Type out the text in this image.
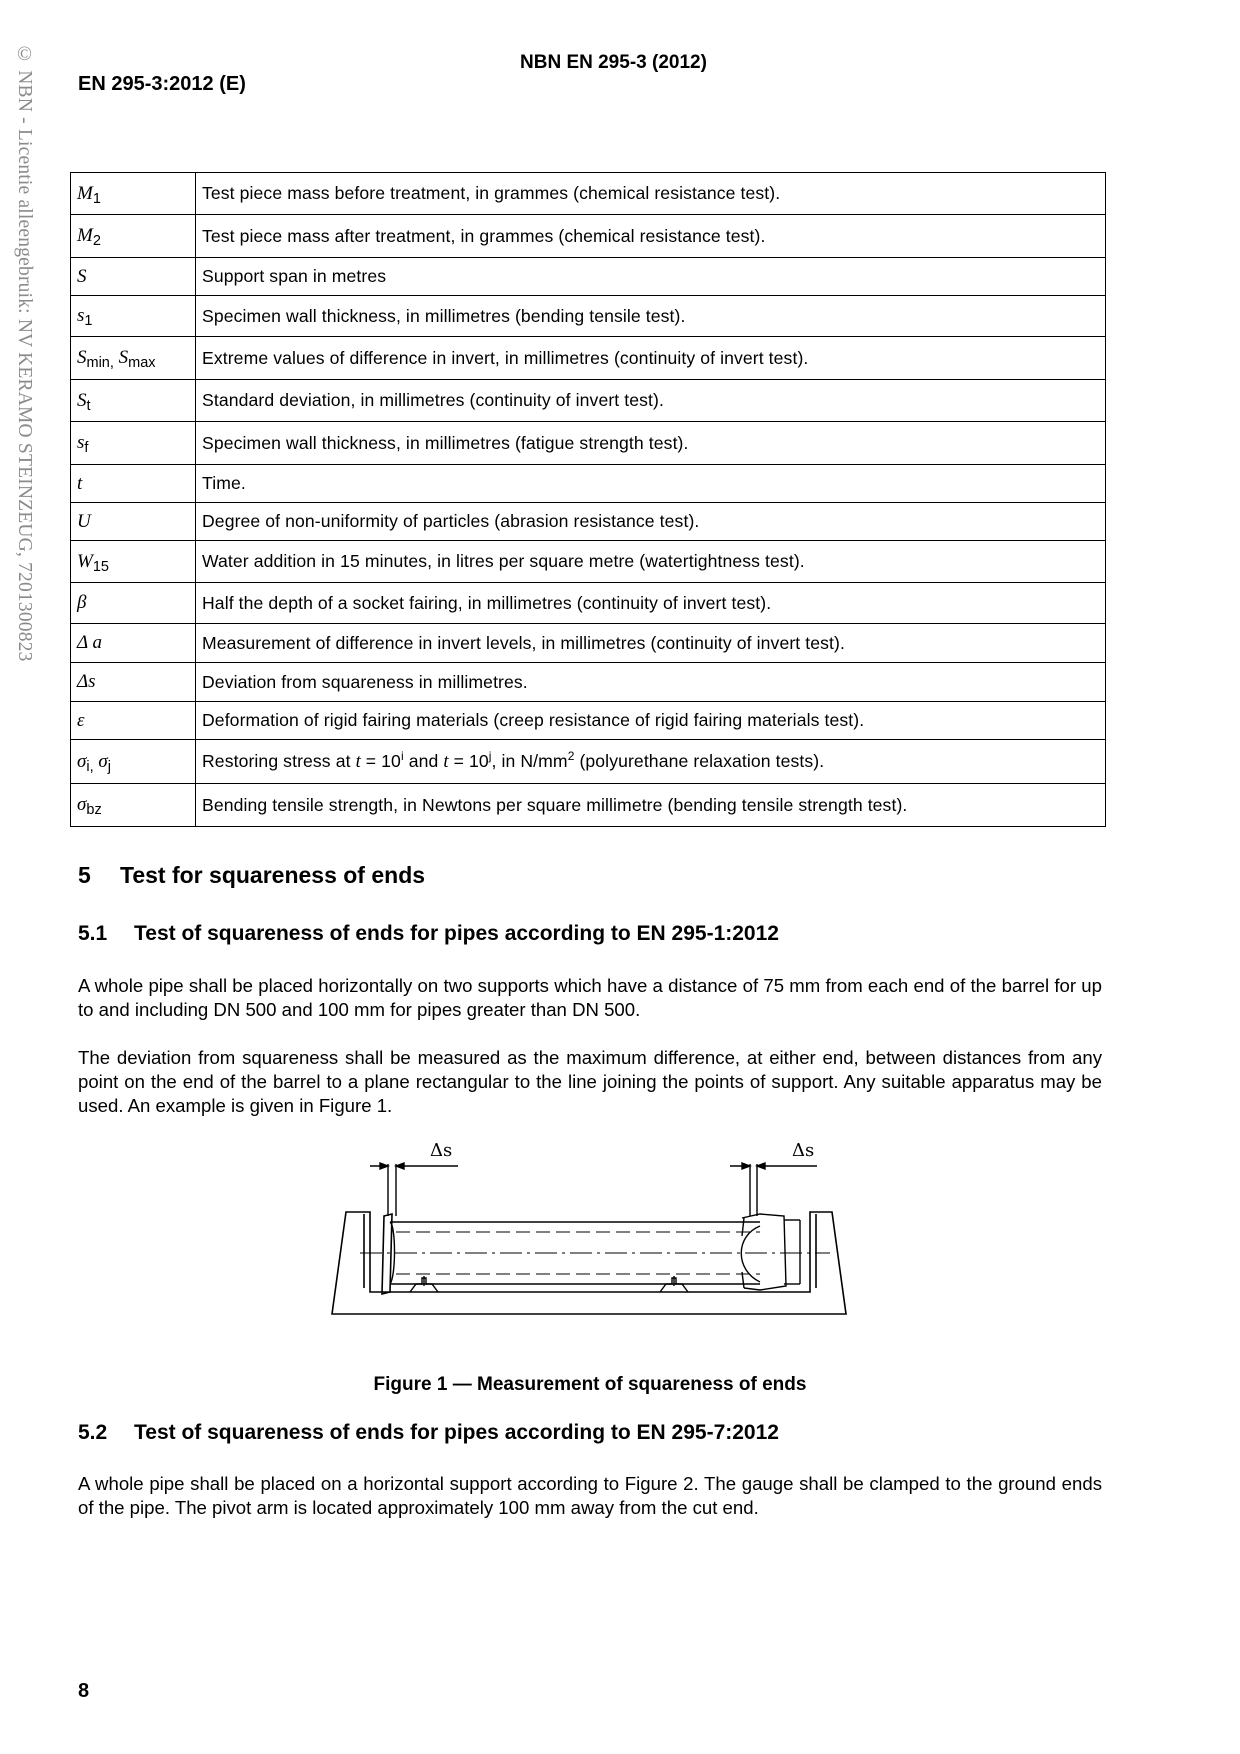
© NBN - Licentie alleengebruik: NV KERAMO STEINZEUG, 7201300823	NBN EN 295-3 (2012)
EN 295-3:2012 (E)
$M_1$	Test piece mass before treatment, in grammes (chemical resistance test).
$M_2$	Test piece mass after treatment, in grammes (chemical resistance test).
S	Support span in metres
$s_1$	Specimen wall thickness, in millimetres (bending tensile test).
$S_{min,}$ $S_{max}$	Extreme values of difference in invert, in millimetres (continuity of invert test).
$S_t$	Standard deviation, in millimetres (continuity of invert test).
$s_f$	Specimen wall thickness, in millimetres (fatigue strength test).
t	Time.
U	Degree of non-uniformity of particles (abrasion resistance test).
$W_{15}$	Water addition in 15 minutes, in litres per square metre (watertightness test).
β	Half the depth of a socket fairing, in millimetres (continuity of invert test).
Δ a	Measurement of difference in invert levels, in millimetres (continuity of invert test).
Δs	Deviation from squareness in millimetres.
ε	Deformation of rigid fairing materials (creep resistance of rigid fairing materials test).
$\sigma_{i,}$ $\sigma_j$	Restoring stress at $t = 10^i$ and $t = 10^j$, in $N/mm^2$ (polyurethane relaxation tests).
$\sigma_{bz}$	Bending tensile strength, in Newtons per square millimetre (bending tensile strength test).
5 Test for squareness of ends
5.1 Test of squareness of ends for pipes according to EN 295-1:2012
A whole pipe shall be placed horizontally on two supports which have a distance of 75 mm from each end of the barrel for up to and including DN 500 and 100 mm for pipes greater than DN 500.
The deviation from squareness shall be measured as the maximum difference, at either end, between distances from any point on the end of the barrel to a plane rectangular to the line joining the points of support. Any suitable apparatus may be used. An example is given in Figure 1.
Δs	Δs
Figure 1 — Measurement of squareness of ends
5.2 Test of squareness of ends for pipes according to EN 295-7:2012
A whole pipe shall be placed on a horizontal support according to Figure 2. The gauge shall be clamped to the ground ends of the pipe. The pivot arm is located approximately 100 mm away from the cut end.
8
